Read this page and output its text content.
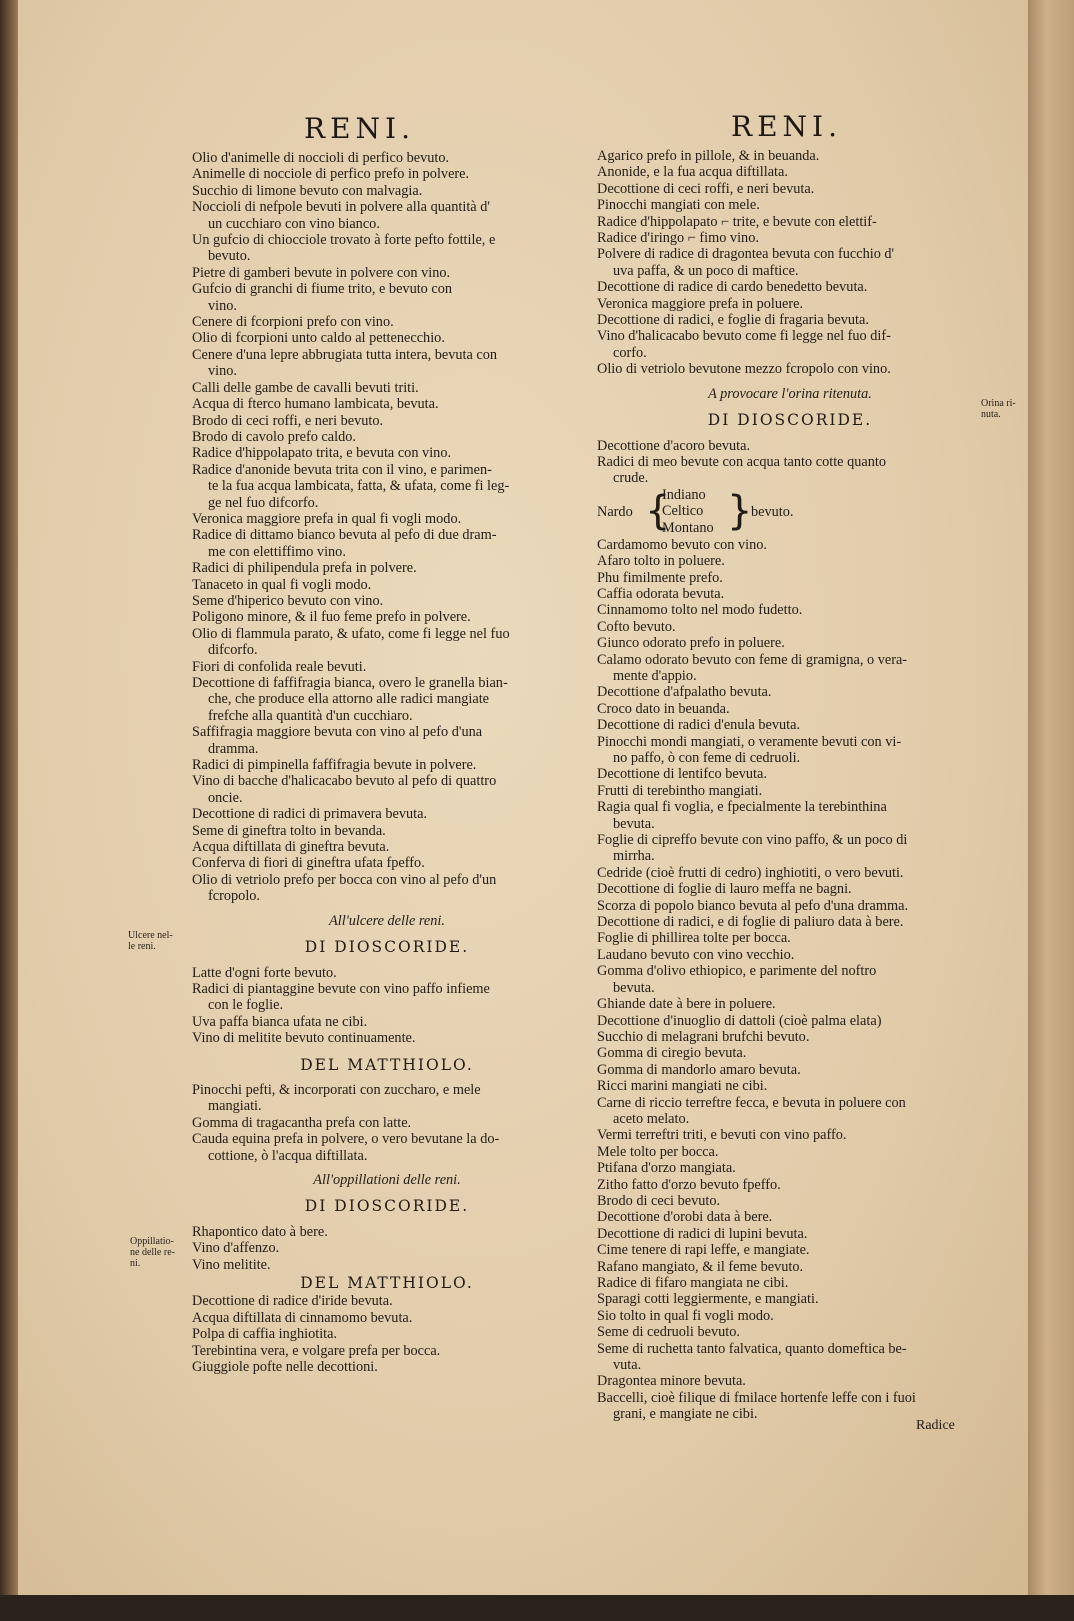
RENI.	RENI.
Olio d'animelle di noccioli di perfico bevuto.
Animelle di nocciole di perfico prefo in polvere.
Succhio di limone bevuto con malvagia.
Noccioli di nefpole bevuti in polvere alla quantità d'
un cucchiaro con vino bianco.
Un gufcio di chiocciole trovato à forte pefto fottile, e
bevuto.
Pietre di gamberi bevute in polvere con vino.
Gufcio di granchi di fiume trito, e bevuto con
vino.
Cenere di fcorpioni prefo con vino.
Olio di fcorpioni unto caldo al pettenecchio.
Cenere d'una lepre abbrugiata tutta intera, bevuta con
vino.
Calli delle gambe de cavalli bevuti triti.
Acqua di fterco humano lambicata, bevuta.
Brodo di ceci roffi, e neri bevuto.
Brodo di cavolo prefo caldo.
Radice d'hippolapato trita, e bevuta con vino.
Radice d'anonide bevuta trita con il vino, e parimen-
te la fua acqua lambicata, fatta, & ufata, come fi leg-
ge nel fuo difcorfo.
Veronica maggiore prefa in qual fi vogli modo.
Radice di dittamo bianco bevuta al pefo di due dram-
me con elettiffimo vino.
Radici di philipendula prefa in polvere.
Tanaceto in qual fi vogli modo.
Seme d'hiperico bevuto con vino.
Poligono minore, & il fuo feme prefo in polvere.
Olio di flammula parato, & ufato, come fi legge nel fuo
difcorfo.
Fiori di confolida reale bevuti.
Decottione di faffifragia bianca, overo le granella bian-
che, che produce ella attorno alle radici mangiate
frefche alla quantità d'un cucchiaro.
Saffifragia maggiore bevuta con vino al pefo d'una
dramma.
Radici di pimpinella faffifragia bevute in polvere.
Vino di bacche d'halicacabo bevuto al pefo di quattro
oncie.
Decottione di radici di primavera bevuta.
Seme di gineftra tolto in bevanda.
Acqua diftillata di gineftra bevuta.
Conferva di fiori di gineftra ufata fpeffo.
Olio di vetriolo prefo per bocca con vino al pefo d'un
fcropolo.
All'ulcere delle reni.
DI DIOSCORIDE.
Latte d'ogni forte bevuto.
Radici di piantaggine bevute con vino paffo infieme
con le foglie.
Uva paffa bianca ufata ne cibi.
Vino di melitite bevuto continuamente.
DEL MATTHIOLO.
Pinocchi pefti, & incorporati con zuccharo, e mele
mangiati.
Gomma di tragacantha prefa con latte.
Cauda equina prefa in polvere, o vero bevutane la do-
cottione, ò l'acqua diftillata.
All'oppillationi delle reni.
DI DIOSCORIDE.
Rhapontico dato à bere.
Vino d'affenzo.
Vino melitite.
DEL MATTHIOLO.
Decottione di radice d'iride bevuta.
Acqua diftillata di cinnamomo bevuta.
Polpa di caffia inghiotita.
Terebintina vera, e volgare prefa per bocca.
Giuggiole pofte nelle decottioni.
Agarico prefo in pillole, & in beuanda.
Anonide, e la fua acqua diftillata.
Decottione di ceci roffi, e neri bevuta.
Pinocchi mangiati con mele.
Radice d'hippolapato ⌐ trite, e bevute con elettif-
Radice d'iringo ⌐ fimo vino.
Polvere di radice di dragontea bevuta con fucchio d'
uva paffa, & un poco di maftice.
Decottione di radice di cardo benedetto bevuta.
Veronica maggiore prefa in poluere.
Decottione di radici, e foglie di fragaria bevuta.
Vino d'halicacabo bevuto come fi legge nel fuo dif-
corfo.
Olio di vetriolo bevutone mezzo fcropolo con vino.
A provocare l'orina ritenuta.
DI DIOSCORIDE.
Decottione d'acoro bevuta.
Radici di meo bevute con acqua tanto cotte quanto
crude.
Nardo {
Indiano
Celtico
Montano }
bevuto.
Cardamomo bevuto con vino.
Afaro tolto in poluere.
Phu fimilmente prefo.
Caffia odorata bevuta.
Cinnamomo tolto nel modo fudetto.
Cofto bevuto.
Giunco odorato prefo in poluere.
Calamo odorato bevuto con feme di gramigna, o vera-
mente d'appio.
Decottione d'afpalatho bevuta.
Croco dato in beuanda.
Decottione di radici d'enula bevuta.
Pinocchi mondi mangiati, o veramente bevuti con vi-
no paffo, ò con feme di cedruoli.
Decottione di lentifco bevuta.
Frutti di terebintho mangiati.
Ragia qual fi voglia, e fpecialmente la terebinthina
bevuta.
Foglie di cipreffo bevute con vino paffo, & un poco di
mirrha.
Cedride (cioè frutti di cedro) inghiotiti, o vero bevuti.
Decottione di foglie di lauro meffa ne bagni.
Scorza di popolo bianco bevuta al pefo d'una dramma.
Decottione di radici, e di foglie di paliuro data à bere.
Foglie di phillirea tolte per bocca.
Laudano bevuto con vino vecchio.
Gomma d'olivo ethiopico, e parimente del noftro
bevuta.
Ghiande date à bere in poluere.
Decottione d'inuoglio di dattoli (cioè palma elata)
Succhio di melagrani brufchi bevuto.
Gomma di ciregio bevuta.
Gomma di mandorlo amaro bevuta.
Ricci marini mangiati ne cibi.
Carne di riccio terreftre fecca, e bevuta in poluere con
aceto melato.
Vermi terreftri triti, e bevuti con vino paffo.
Mele tolto per bocca.
Ptifana d'orzo mangiata.
Zitho fatto d'orzo bevuto fpeffo.
Brodo di ceci bevuto.
Decottione d'orobi data à bere.
Decottione di radici di lupini bevuta.
Cime tenere di rapi leffe, e mangiate.
Rafano mangiato, & il feme bevuto.
Radice di fifaro mangiata ne cibi.
Sparagi cotti leggiermente, e mangiati.
Sio tolto in qual fi vogli modo.
Seme di cedruoli bevuto.
Seme di ruchetta tanto falvatica, quanto domeftica be-
vuta.
Dragontea minore bevuta.
Baccelli, cioè filique di fmilace hortenfe leffe con i fuoi
grani, e mangiate ne cibi.
Ulcere nel-
le reni.
Oppillatio-
ne delle re-
ni.
Orina ri-
nuta.
Radice
